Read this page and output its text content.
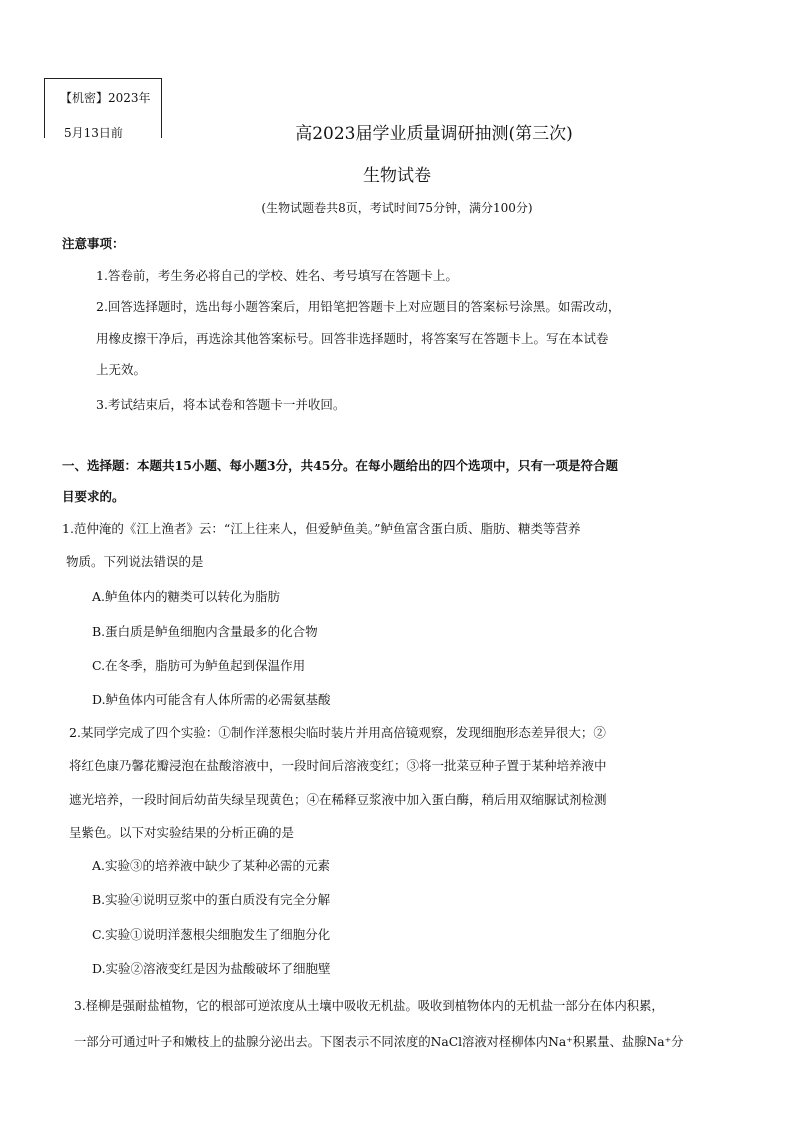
【机密】2023年
5月13日前	高2023届学业质量调研抽测(第三次)
生物试卷
(生物试题卷共8页，考试时间75分钟，满分100分)
注意事项：
1.答卷前，考生务必将自己的学校、姓名、考号填写在答题卡上。
2.回答选择题时，选出每小题答案后，用铅笔把答题卡上对应题目的答案标号涂黑。如需改动，
用橡皮擦干净后，再选涂其他答案标号。回答非选择题时，将答案写在答题卡上。写在本试卷
上无效。
3.考试结束后，将本试卷和答题卡一并收回。
一、选择题：本题共15小题、每小题3分，共45分。在每小题给出的四个选项中，只有一项是符合题
目要求的。
1.范仲淹的《江上渔者》云：“江上往来人，但爱鲈鱼美。”鲈鱼富含蛋白质、脂肪、糖类等营养
物质。下列说法错误的是
A.鲈鱼体内的糖类可以转化为脂肪
B.蛋白质是鲈鱼细胞内含量最多的化合物
C.在冬季，脂肪可为鲈鱼起到保温作用
D.鲈鱼体内可能含有人体所需的必需氨基酸
2.某同学完成了四个实验：①制作洋葱根尖临时装片并用高倍镜观察，发现细胞形态差异很大；②
将红色康乃馨花瓣浸泡在盐酸溶液中，一段时间后溶液变红；③将一批菜豆种子置于某种培养液中
遮光培养，一段时间后幼苗失绿呈现黄色；④在稀释豆浆液中加入蛋白酶，稍后用双缩脲试剂检测
呈紫色。以下对实验结果的分析正确的是
A.实验③的培养液中缺少了某种必需的元素
B.实验④说明豆浆中的蛋白质没有完全分解
C.实验①说明洋葱根尖细胞发生了细胞分化
D.实验②溶液变红是因为盐酸破坏了细胞壁
3.柽柳是强耐盐植物，它的根部可逆浓度从土壤中吸收无机盐。吸收到植物体内的无机盐一部分在体内积累，
一部分可通过叶子和嫩枝上的盐腺分泌出去。下图表示不同浓度的NaCl溶液对柽柳体内Na⁺积累量、盐腺Na⁺分
